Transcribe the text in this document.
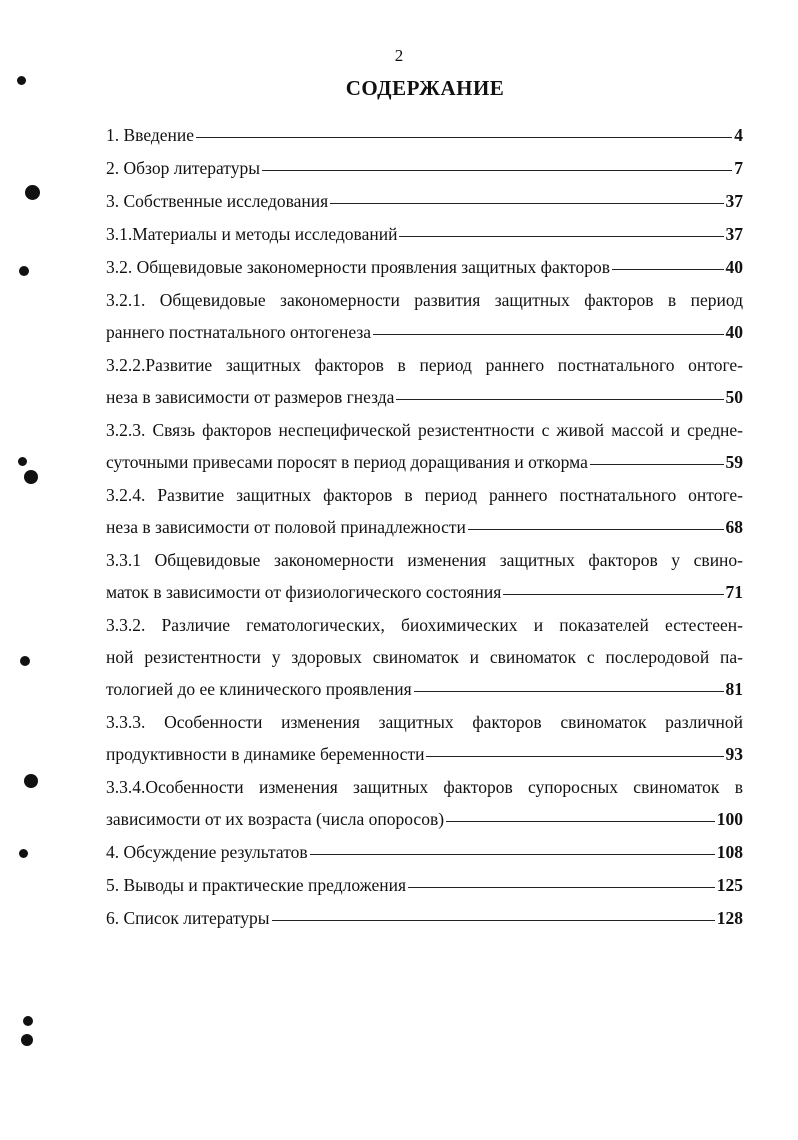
2
СОДЕРЖАНИЕ
1. Введение	4
2. Обзор литературы	7
3. Собственные исследования	37
3.1.Материалы и методы исследований	37
3.2. Общевидовые закономерности проявления защитных факторов	40
3.2.1. Общевидовые закономерности развития защитных факторов в период
раннего постнатального онтогенеза	40
3.2.2.Развитие защитных факторов в период раннего постнатального онтоге-
неза в зависимости от размеров гнезда	50
3.2.3. Связь факторов неспецифической резистентности с живой массой и средне-
суточными привесами поросят в период доращивания и откорма	59
3.2.4. Развитие защитных факторов в период раннего постнатального онтоге-
неза в зависимости от половой принадлежности	68
3.3.1 Общевидовые закономерности изменения защитных факторов у свино-
маток в зависимости от физиологического состояния	71
3.3.2. Различие гематологических, биохимических и показателей естестеен-
ной резистентности у здоровых свиноматок и свиноматок с послеродовой па-
тологией до ее клинического проявления	81
3.3.3. Особенности изменения защитных факторов свиноматок различной
продуктивности в динамике беременности	93
3.3.4.Особенности изменения защитных факторов супоросных свиноматок в
зависимости от их возраста (числа опоросов)	100
4. Обсуждение результатов	108
5. Выводы и практические предложения	125
6. Список литературы	128
